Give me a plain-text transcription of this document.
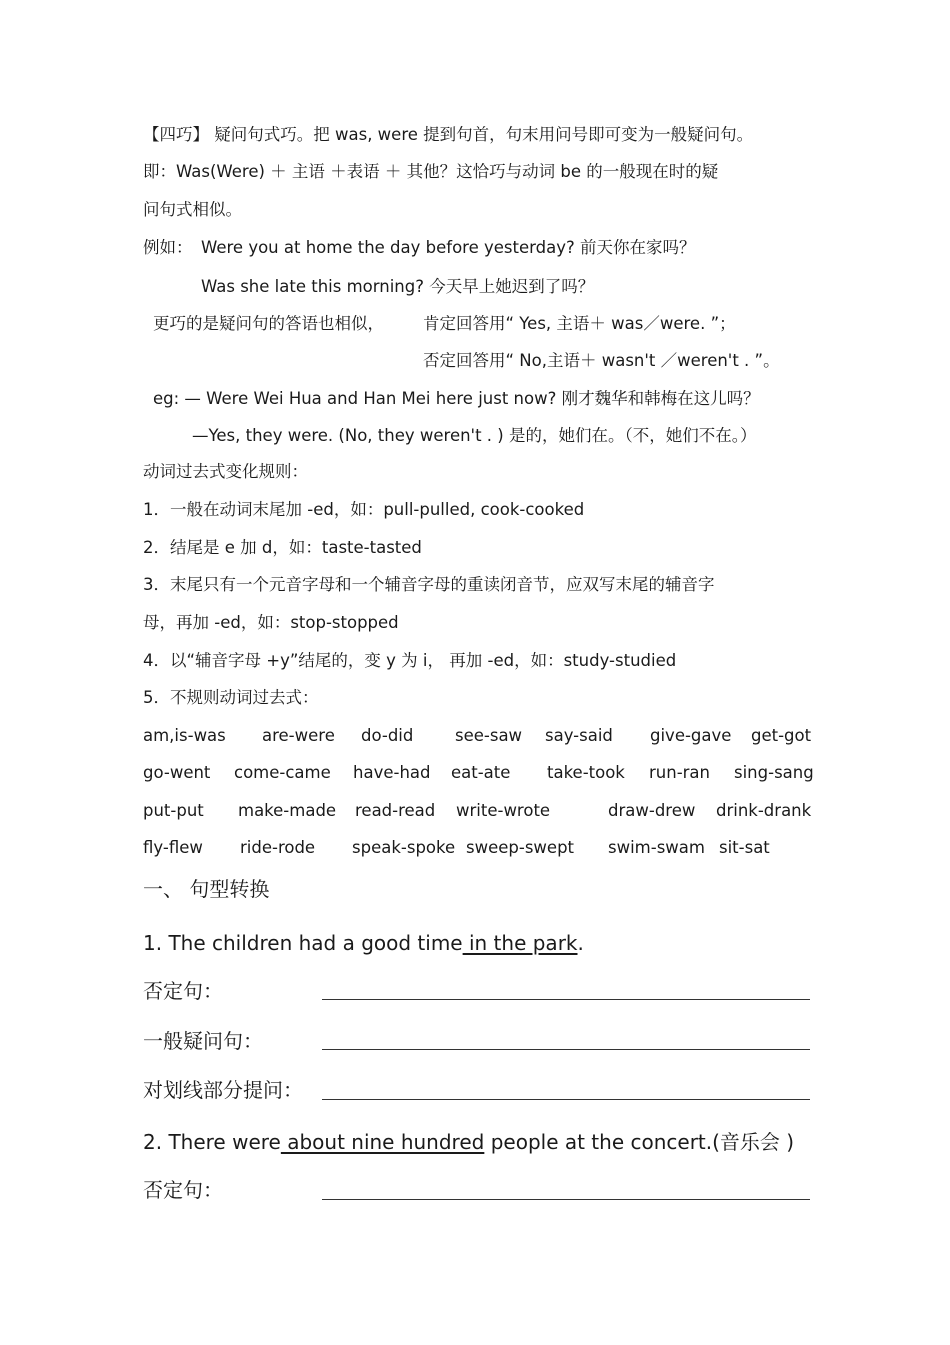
【四巧】 疑问句式巧。把 was, were 提到句首，句末用问号即可变为一般疑问句。
即：Was(Were) ＋ 主语 ＋表语 ＋ 其他？这恰巧与动词 be 的一般现在时的疑
问句式相似。
例如： Were you at home the day before yesterday? 前天你在家吗？
Was she late this morning? 今天早上她迟到了吗？
更巧的是疑问句的答语也相似， 肯定回答用“ Yes, 主语＋ was／were. ”；
否定回答用“ No,主语＋ wasn't ／weren't . ”。
eg: — Were Wei Hua and Han Mei here just now? 刚才魏华和韩梅在这儿吗？
—Yes, they were. (No, they weren't . ) 是的，她们在。（不，她们不在。）
动词过去式变化规则：
1．一般在动词末尾加 -ed，如：pull-pulled, cook-cooked
2．结尾是 e 加 d，如：taste-tasted
3．末尾只有一个元音字母和一个辅音字母的重读闭音节，应双写末尾的辅音字
母，再加 -ed，如：stop-stopped
4．以“辅音字母 +y”结尾的，变 y 为 i， 再加 -ed，如：study-studied
5．不规则动词过去式：
am,is-was are-were do-did	see-saw say-said give-gave get-got
go-went come-came have-had eat-ate take-took run-ran sing-sang
put-put make-made read-read write-wrote	draw-drew drink-drank
fly-flew ride-rode speak-spoke sweep-swept swim-swam sit-sat
一、 句型转换
1. The children had a good time in the park.
否定句：
一般疑问句：
对划线部分提问：
2. There were about nine hundred people at the concert.(音乐会 )
否定句：
